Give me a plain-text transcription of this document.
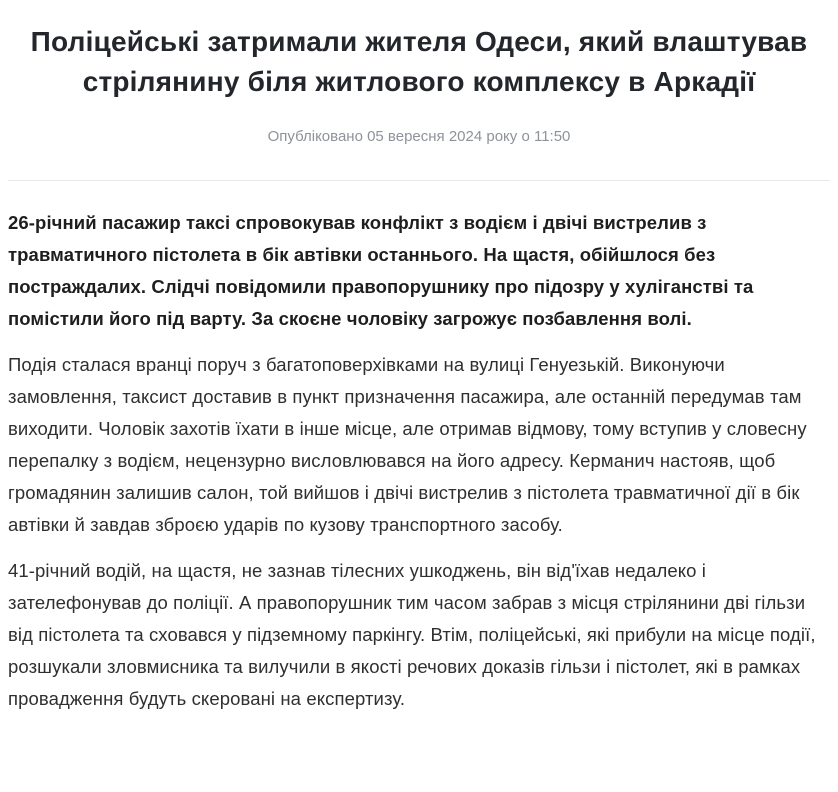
Поліцейські затримали жителя Одеси, який влаштував стрілянину біля житлового комплексу в Аркадії
Опубліковано 05 вересня 2024 року о 11:50

26-річний пасажир таксі спровокував конфлікт з водієм і двічі вистрелив з травматичного пістолета в бік автівки останнього. На щастя, обійшлося без постраждалих. Слідчі повідомили правопорушнику про підозру у хуліганстві та помістили його під варту. За скоєне чоловіку загрожує позбавлення волі.

Подія сталася вранці поруч з багатоповерхівками на вулиці Генуезькій. Виконуючи замовлення, таксист доставив в пункт призначення пасажира, але останній передумав там виходити. Чоловік захотів їхати в інше місце, але отримав відмову, тому вступив у словесну перепалку з водієм, нецензурно висловлювався на його адресу. Керманич настояв, щоб громадянин залишив салон, той вийшов і двічі вистрелив з пістолета травматичної дії в бік автівки й завдав зброєю ударів по кузову транспортного засобу.

41-річний водій, на щастя, не зазнав тілесних ушкоджень, він від'їхав недалеко і зателефонував до поліції. А правопорушник тим часом забрав з місця стрілянини дві гільзи від пістолета та сховався у підземному паркінгу. Втім, поліцейські, які прибули на місце події, розшукали зловмисника та вилучили в якості речових доказів гільзи і пістолет, які в рамках провадження будуть скеровані на експертизу.
